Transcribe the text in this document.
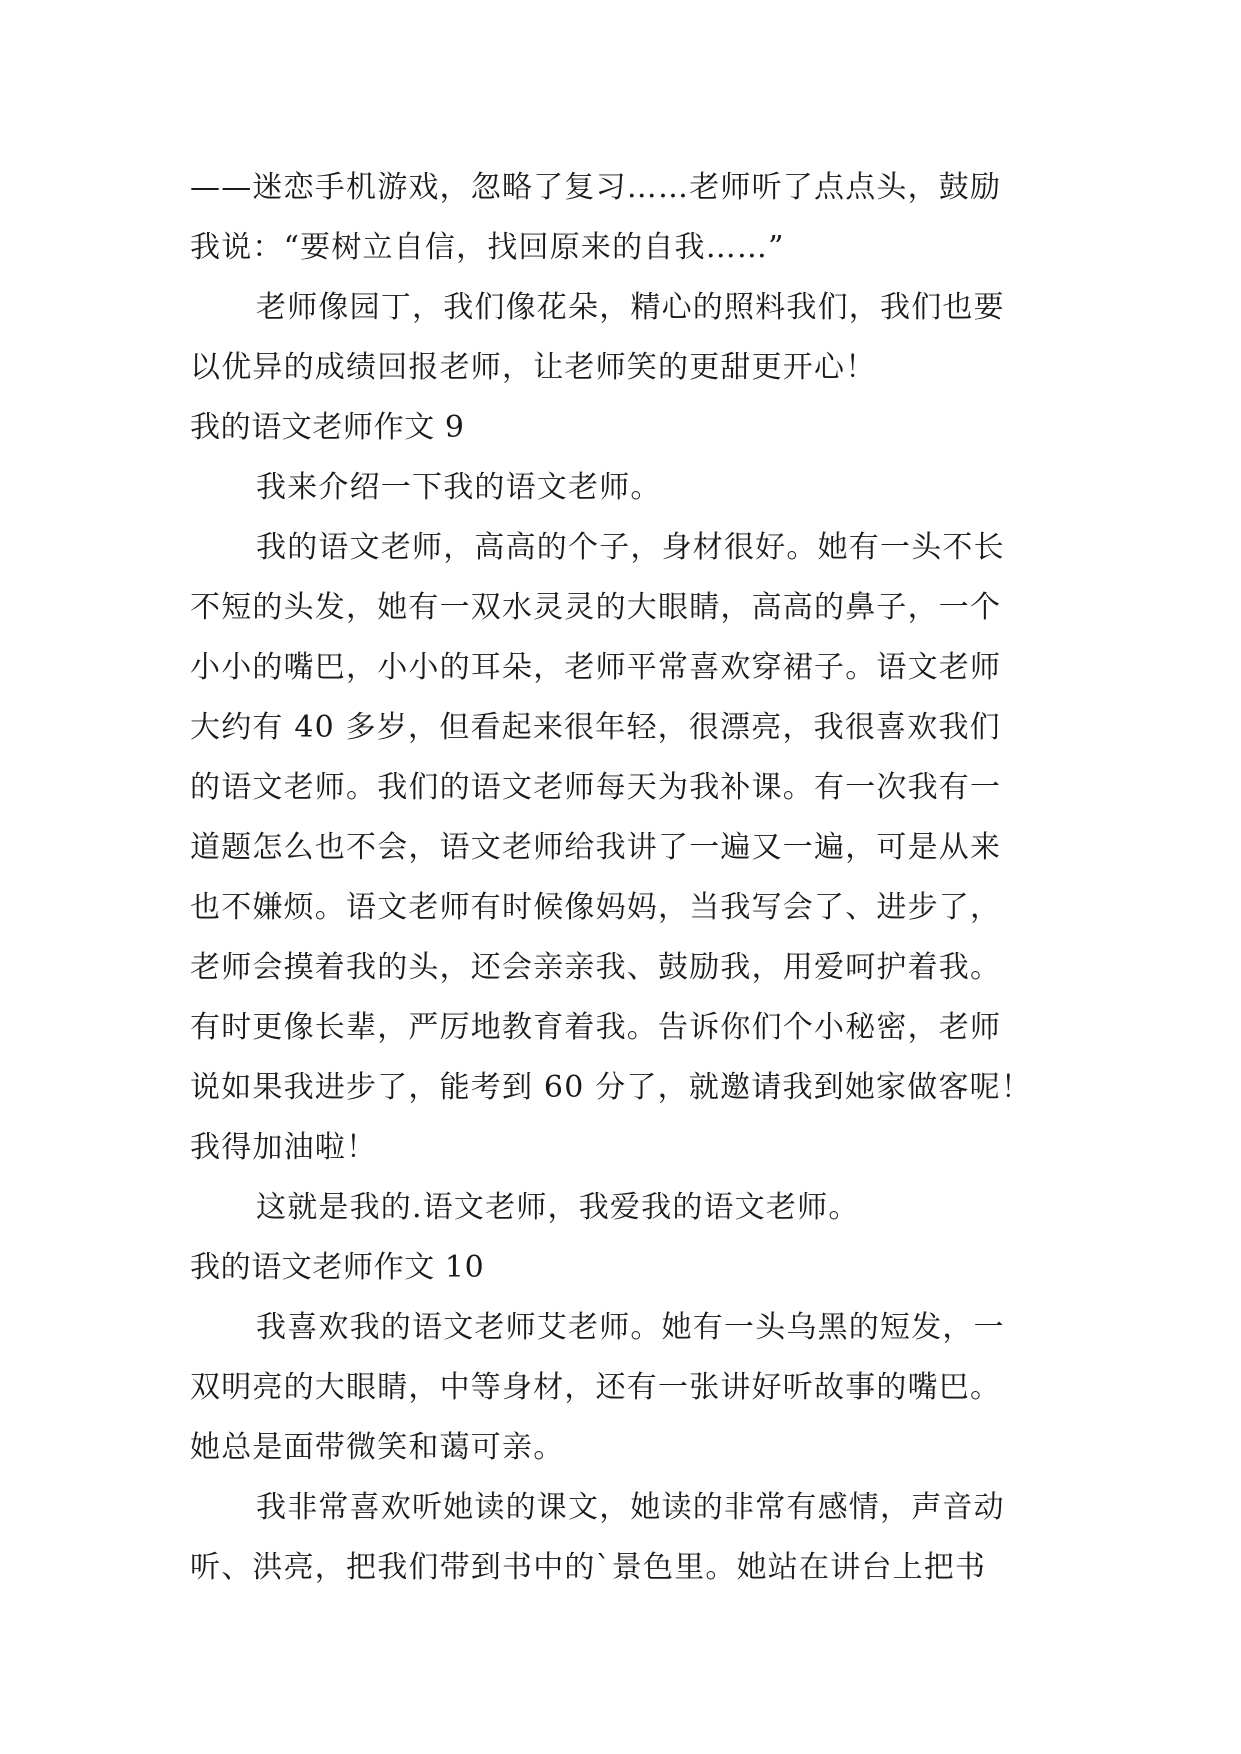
——迷恋手机游戏，忽略了复习……老师听了点点头，鼓励
我说：“要树立自信，找回原来的自我……”
老师像园丁，我们像花朵，精心的照料我们，我们也要
以优异的成绩回报老师，让老师笑的更甜更开心！
我的语文老师作文 9
我来介绍一下我的语文老师。
我的语文老师，高高的个子，身材很好。她有一头不长
不短的头发，她有一双水灵灵的大眼睛，高高的鼻子，一个
小小的嘴巴，小小的耳朵，老师平常喜欢穿裙子。语文老师
大约有 40 多岁，但看起来很年轻，很漂亮，我很喜欢我们
的语文老师。我们的语文老师每天为我补课。有一次我有一
道题怎么也不会，语文老师给我讲了一遍又一遍，可是从来
也不嫌烦。语文老师有时候像妈妈，当我写会了、进步了，
老师会摸着我的头，还会亲亲我、鼓励我，用爱呵护着我。
有时更像长辈，严厉地教育着我。告诉你们个小秘密，老师
说如果我进步了，能考到 60 分了，就邀请我到她家做客呢！
我得加油啦！
这就是我的.语文老师，我爱我的语文老师。
我的语文老师作文 10
我喜欢我的语文老师艾老师。她有一头乌黑的短发，一
双明亮的大眼睛，中等身材，还有一张讲好听故事的嘴巴。
她总是面带微笑和蔼可亲。
我非常喜欢听她读的课文，她读的非常有感情，声音动
听、洪亮，把我们带到书中的`景色里。她站在讲台上把书
